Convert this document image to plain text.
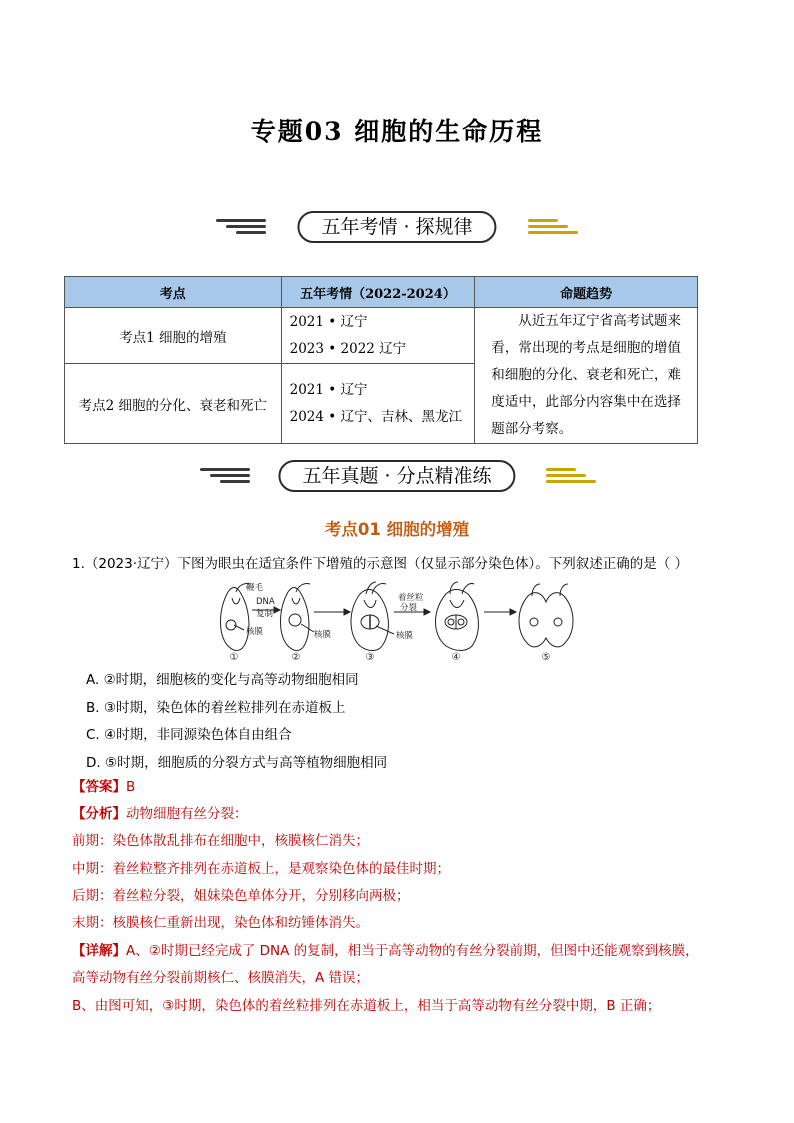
专题03 细胞的生命历程
五年考情 · 探规律
考点	五年考情（2022-2024）	命题趋势
考点1 细胞的增殖	2021 • 辽宁
2023 • 2022 辽宁	从近五年辽宁省高考试题来看，常出现的考点是细胞的增值和细胞的分化、衰老和死亡，难度适中，此部分内容集中在选择题部分考察。

考点2 细胞的分化、衰老和死亡	2021 • 辽宁
2024 • 辽宁、吉林、黑龙江	
五年真题 · 分点精准练
考点01 细胞的增殖
1.（2023·辽宁）下图为眼虫在适宜条件下增殖的示意图（仅显示部分染色体）。下列叙述正确的是（ ）
鞭毛
DNA
复制
核膜	核膜
着丝粒
分裂
核膜
①	②	③	④	⑤
A. ②时期，细胞核的变化与高等动物细胞相同
B. ③时期，染色体的着丝粒排列在赤道板上
C. ④时期，非同源染色体自由组合
D. ⑤时期，细胞质的分裂方式与高等植物细胞相同
【答案】B
【分析】动物细胞有丝分裂：
前期：染色体散乱排布在细胞中，核膜核仁消失；
中期：着丝粒整齐排列在赤道板上，是观察染色体的最佳时期；
后期：着丝粒分裂，姐妹染色单体分开，分别移向两极；
末期：核膜核仁重新出现，染色体和纺锤体消失。
【详解】A、②时期已经完成了 DNA 的复制，相当于高等动物的有丝分裂前期，但图中还能观察到核膜，
高等动物有丝分裂前期核仁、核膜消失，A 错误；
B、由图可知，③时期，染色体的着丝粒排列在赤道板上，相当于高等动物有丝分裂中期，B 正确；
